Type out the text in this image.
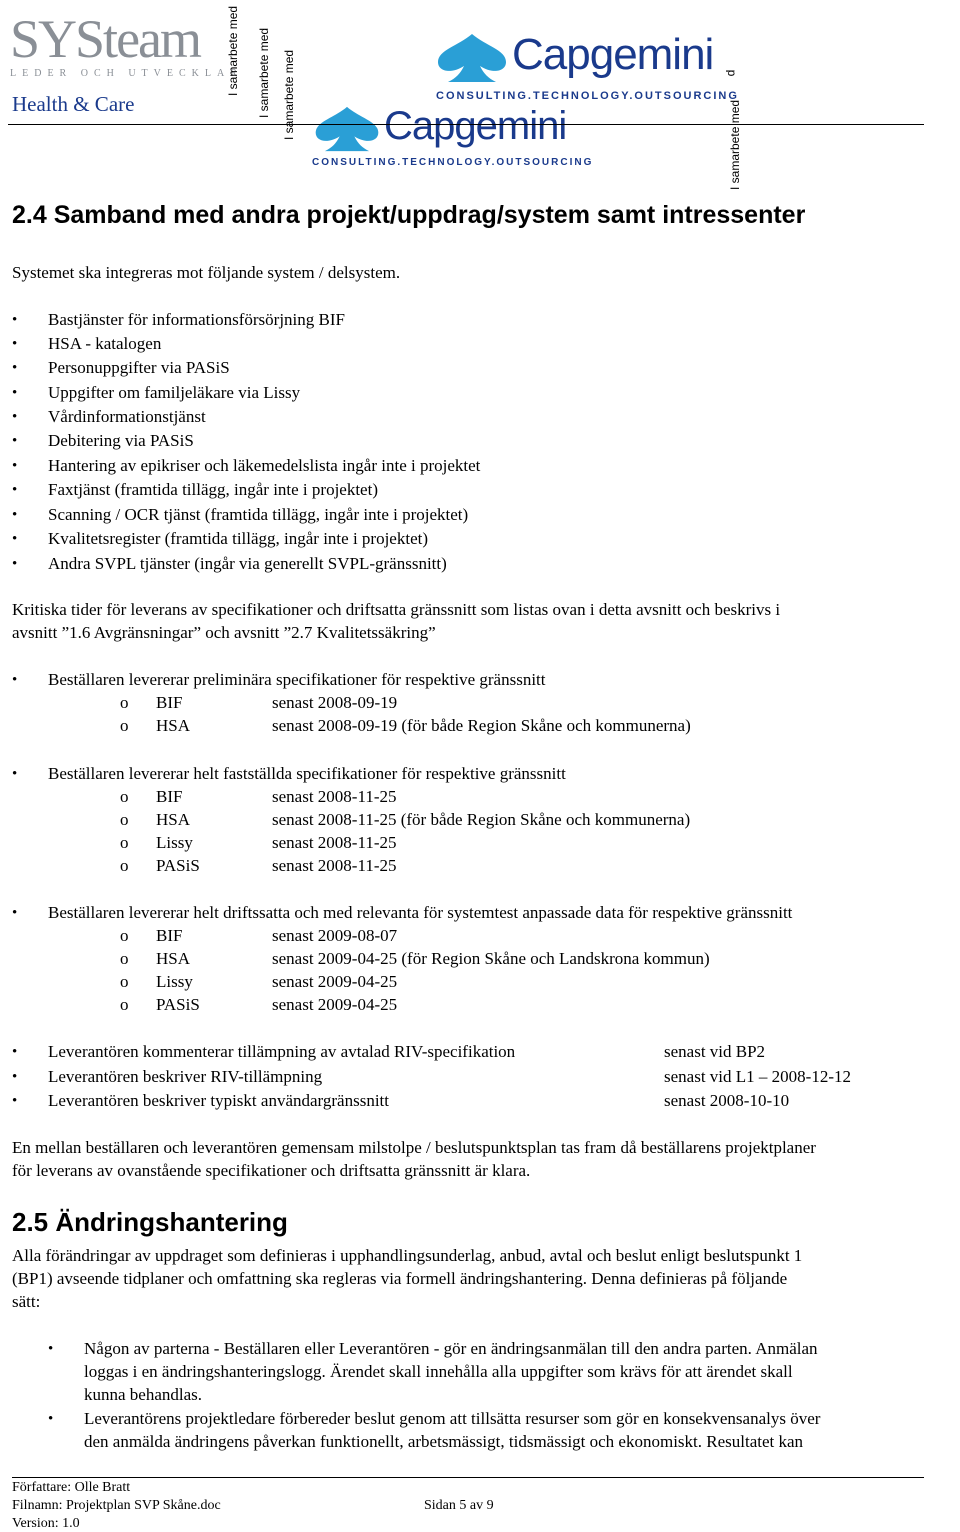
SYSteam
LEDER OCH UTVECKLAR
Health & Care
I samarbete med I samarbete med I samarbete med	Capgemini
CONSULTING.TECHNOLOGY.OUTSOURCING
d
Capgemini
CONSULTING.TECHNOLOGY.OUTSOURCING	I samarbete med
2.4 Samband med andra projekt/uppdrag/system samt intressenter
Systemet ska integreras mot följande system / delsystem.
• Bastjänster för informationsförsörjning BIF
• HSA - katalogen
• Personuppgifter via PASiS
• Uppgifter om familjeläkare via Lissy
• Vårdinformationstjänst
• Debitering via PASiS
• Hantering av epikriser och läkemedelslista ingår inte i projektet
• Faxtjänst (framtida tillägg, ingår inte i projektet)
• Scanning / OCR tjänst (framtida tillägg, ingår inte i projektet)
• Kvalitetsregister (framtida tillägg, ingår inte i projektet)
• Andra SVPL tjänster (ingår via generellt SVPL-gränssnitt)
Kritiska tider för leverans av specifikationer och driftsatta gränssnitt som listas ovan i detta avsnitt och beskrivs i
avsnitt ”1.6 Avgränsningar” och avsnitt ”2.7 Kvalitetssäkring”
• Beställaren levererar preliminära specifikationer för respektive gränssnitt
o BIF	senast 2008-09-19
o HSA	senast 2008-09-19 (för både Region Skåne och kommunerna)
• Beställaren levererar helt fastställda specifikationer för respektive gränssnitt
o BIF	senast 2008-11-25
o HSA	senast 2008-11-25 (för både Region Skåne och kommunerna)
o Lissy	senast 2008-11-25
o PASiS	senast 2008-11-25
• Beställaren levererar helt driftssatta och med relevanta för systemtest anpassade data för respektive gränssnitt
o BIF	senast 2009-08-07
o HSA	senast 2009-04-25 (för Region Skåne och Landskrona kommun)
o Lissy	senast 2009-04-25
o PASiS	senast 2009-04-25
• Leverantören kommenterar tillämpning av avtalad RIV-specifikation	senast vid BP2
• Leverantören beskriver RIV-tillämpning	senast vid L1 – 2008-12-12
• Leverantören beskriver typiskt användargränssnitt	senast 2008-10-10
En mellan beställaren och leverantören gemensam milstolpe / beslutspunktsplan tas fram då beställarens projektplaner
för leverans av ovanstående specifikationer och driftsatta gränssnitt är klara.
2.5 Ändringshantering
Alla förändringar av uppdraget som definieras i upphandlingsunderlag, anbud, avtal och beslut enligt beslutspunkt 1
(BP1) avseende tidplaner och omfattning ska regleras via formell ändringshantering. Denna definieras på följande
sätt:
• Någon av parterna - Beställaren eller Leverantören - gör en ändringsanmälan till den andra parten. Anmälan
loggas i en ändringshanteringslogg. Ärendet skall innehålla alla uppgifter som krävs för att ärendet skall
kunna behandlas.
• Leverantörens projektledare förbereder beslut genom att tillsätta resurser som gör en konsekvensanalys över
den anmälda ändringens påverkan funktionellt, arbetsmässigt, tidsmässigt och ekonomiskt. Resultatet kan
Författare: Olle Bratt
Filnamn: Projektplan SVP Skåne.doc	Sidan 5 av 9
Version: 1.0
